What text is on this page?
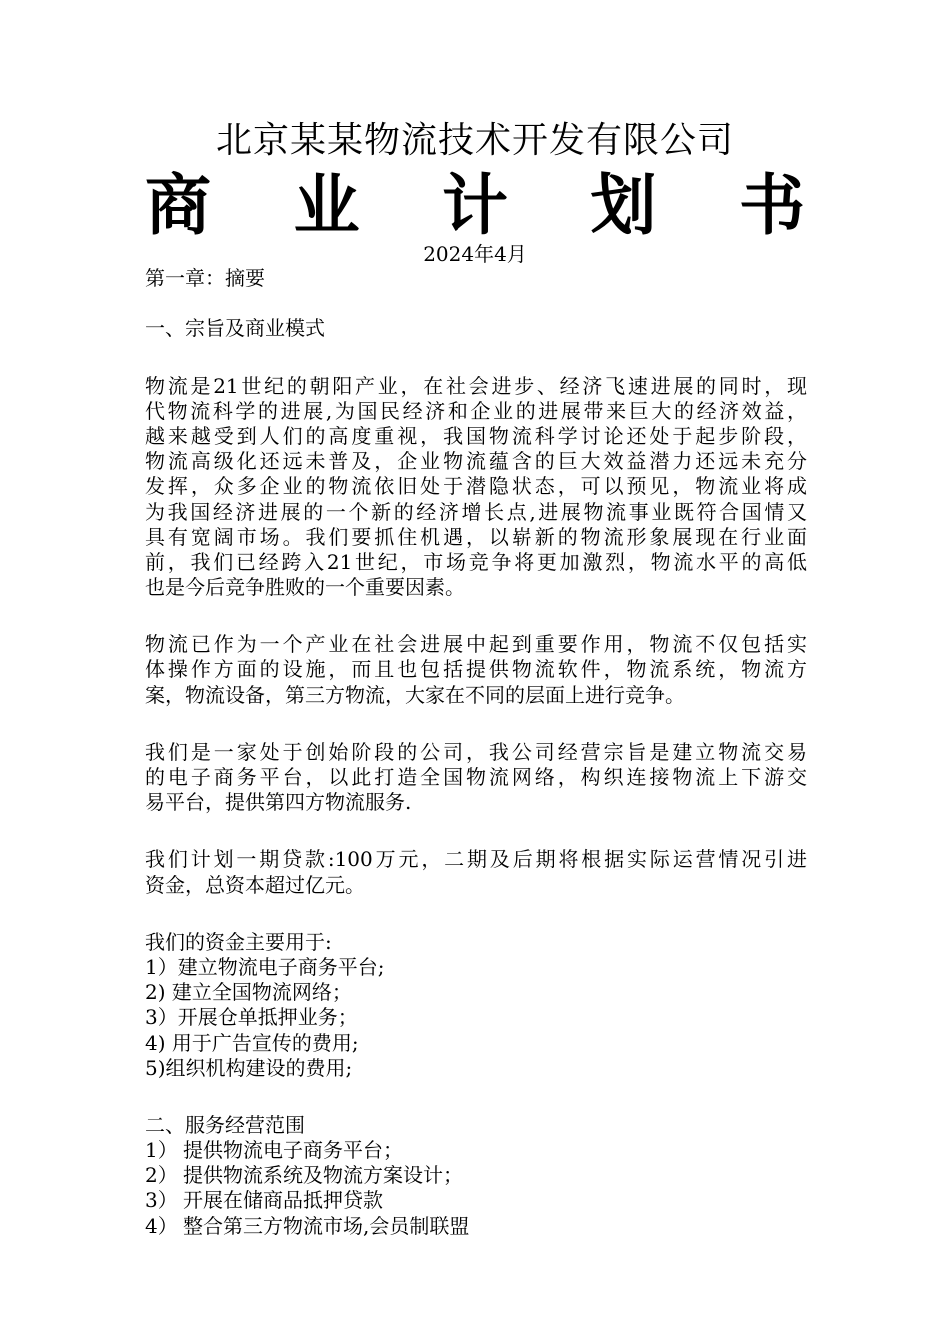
北京某某物流技术开发有限公司
商 业 计 划 书
2024年4月
第一章：摘要
一、宗旨及商业模式
物流是21世纪的朝阳产业，在社会进步、经济飞速进展的同时，现
代物流科学的进展,为国民经济和企业的进展带来巨大的经济效益，
越来越受到人们的高度重视，我国物流科学讨论还处于起步阶段，
物流高级化还远未普及，企业物流蕴含的巨大效益潜力还远未充分
发挥，众多企业的物流依旧处于潜隐状态，可以预见，物流业将成
为我国经济进展的一个新的经济增长点,进展物流事业既符合国情又
具有宽阔市场。我们要抓住机遇，以崭新的物流形象展现在行业面
前，我们已经跨入21世纪，市场竞争将更加激烈，物流水平的高低
也是今后竞争胜败的一个重要因素。
物流已作为一个产业在社会进展中起到重要作用，物流不仅包括实
体操作方面的设施，而且也包括提供物流软件，物流系统，物流方
案，物流设备，第三方物流，大家在不同的层面上进行竞争。
我们是一家处于创始阶段的公司，我公司经营宗旨是建立物流交易
的电子商务平台，以此打造全国物流网络，构织连接物流上下游交
易平台，提供第四方物流服务.
我们计划一期贷款:100万元，二期及后期将根据实际运营情况引进
资金，总资本超过亿元。
我们的资金主要用于:
1）建立物流电子商务平台;
2) 建立全国物流网络；
3）开展仓单抵押业务；
4) 用于广告宣传的费用;
5)组织机构建设的费用;
二、服务经营范围
1） 提供物流电子商务平台；
2） 提供物流系统及物流方案设计；
3） 开展在储商品抵押贷款
4） 整合第三方物流市场,会员制联盟
